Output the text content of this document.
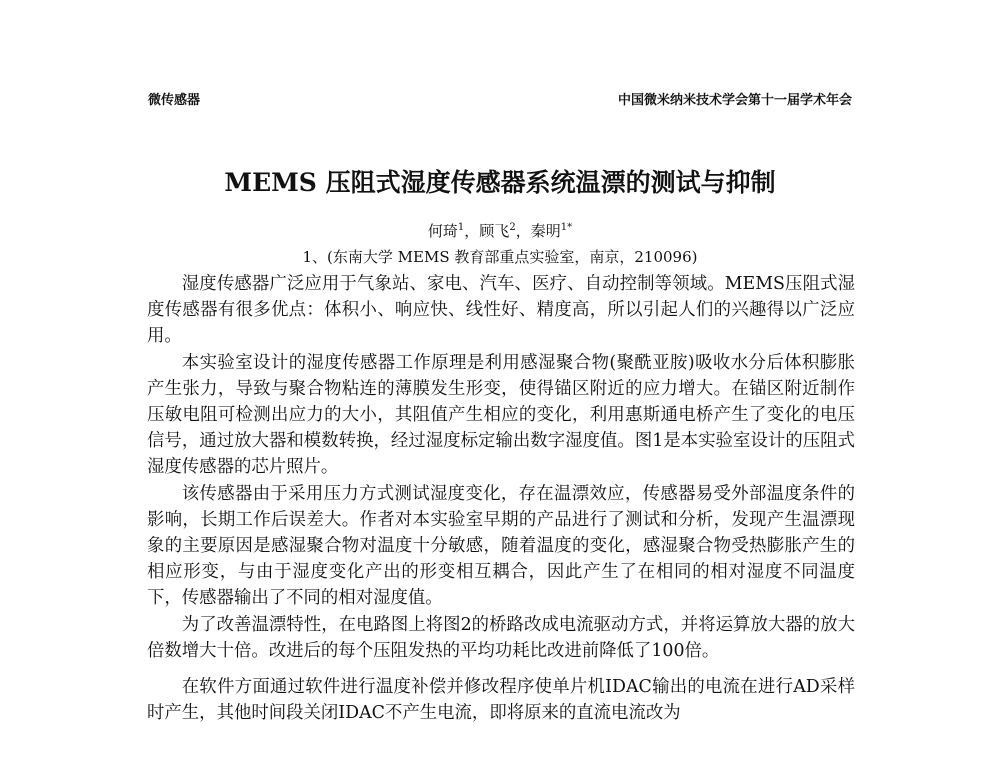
微传感器	中国微米纳米技术学会第十一届学术年会
MEMS 压阻式湿度传感器系统温漂的测试与抑制
何琦$^1$，顾飞$^2$，秦明$^{1*}$
1、(东南大学 MEMS 教育部重点实验室，南京，210096)

湿度传感器广泛应用于气象站、家电、汽车、医疗、自动控制等领域。MEMS压阻式湿度传感器有很多优点：体积小、响应快、线性好、精度高，所以引起人们的兴趣得以广泛应用。

本实验室设计的湿度传感器工作原理是利用感湿聚合物(聚酰亚胺)吸收水分后体积膨胀产生张力，导致与聚合物粘连的薄膜发生形变，使得锚区附近的应力增大。在锚区附近制作压敏电阻可检测出应力的大小，其阻值产生相应的变化，利用惠斯通电桥产生了变化的电压信号，通过放大器和模数转换，经过湿度标定输出数字湿度值。图1是本实验室设计的压阻式湿度传感器的芯片照片。

该传感器由于采用压力方式测试湿度变化，存在温漂效应，传感器易受外部温度条件的影响，长期工作后误差大。作者对本实验室早期的产品进行了测试和分析，发现产生温漂现象的主要原因是感湿聚合物对温度十分敏感，随着温度的变化，感湿聚合物受热膨胀产生的相应形变，与由于湿度变化产出的形变相互耦合，因此产生了在相同的相对湿度不同温度下，传感器输出了不同的相对湿度值。

为了改善温漂特性，在电路图上将图2的桥路改成电流驱动方式，并将运算放大器的放大倍数增大十倍。改进后的每个压阻发热的平均功耗比改进前降低了100倍。

在软件方面通过软件进行温度补偿并修改程序使单片机IDAC输出的电流在进行AD采样时产生，其他时间段关闭IDAC不产生电流，即将原来的直流电流改为
